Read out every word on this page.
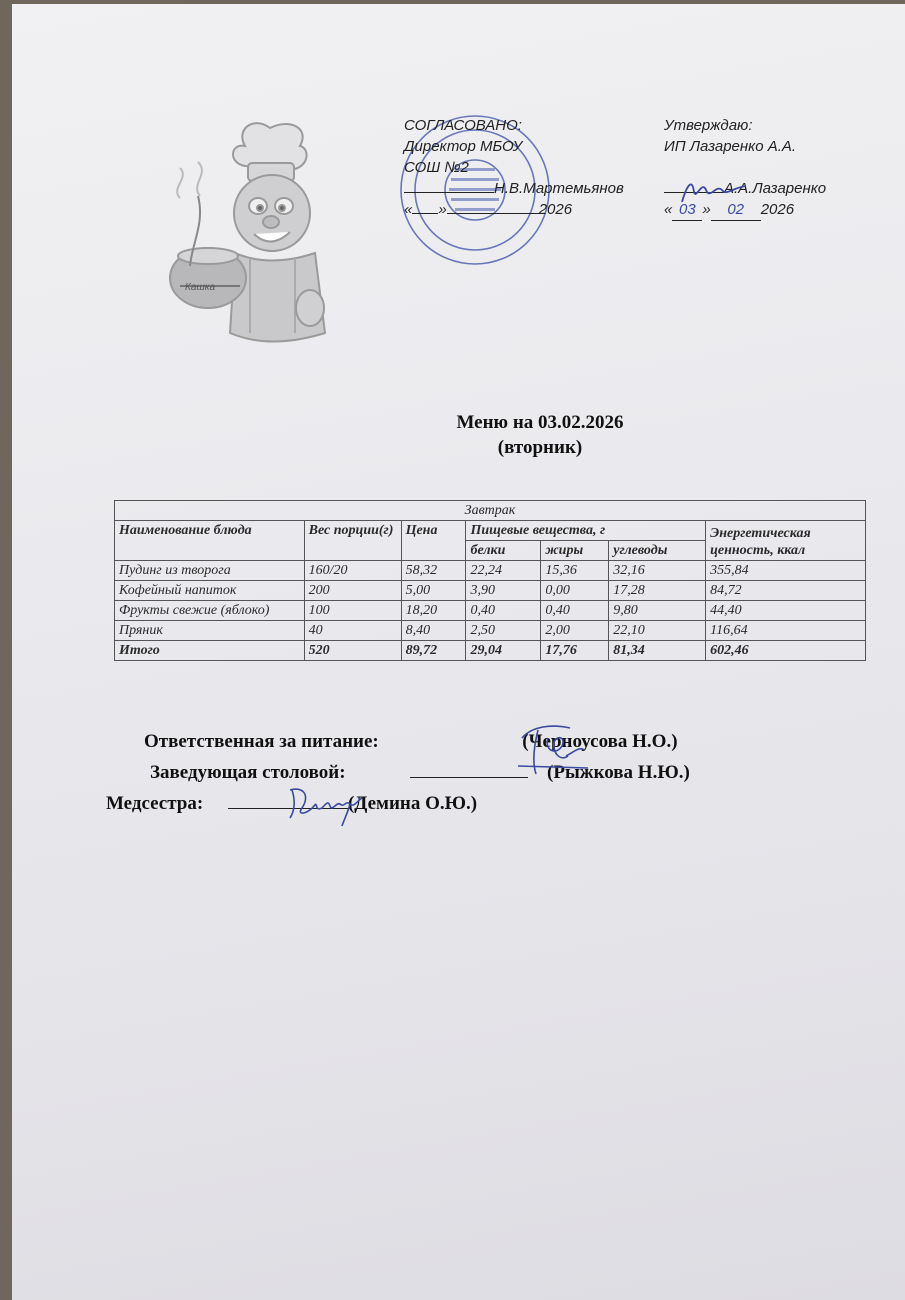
Кашка
СОГЛАСОВАНО:
Директор МБОУ
СОШ №2
Н.В.Мартемьянов
« »	2026
Утверждаю:
ИП Лазаренко А.А.
А.А.Лазаренко
« 03 » 02 2026
Меню на 03.02.2026
(вторник)
Завтрак						
Наименование блюда	Вес порции(г)	Цена	Пищевые вещества, г			Энергетическая ценность, ккал
			белки	жиры	углеводы	
Пудинг из творога	160/20	58,32	22,24	15,36	32,16	355,84
Кофейный напиток	200	5,00	3,90	0,00	17,28	84,72
Фрукты свежие (яблоко)	100	18,20	0,40	0,40	9,80	44,40
Пряник	40	8,40	2,50	2,00	22,10	116,64
Итого	520	89,72	29,04	17,76	81,34	602,46
Ответственная за питание:	(Черноусова Н.О.)
Заведующая столовой:	(Рыжкова Н.Ю.)
Медсестра:	(Демина О.Ю.)
